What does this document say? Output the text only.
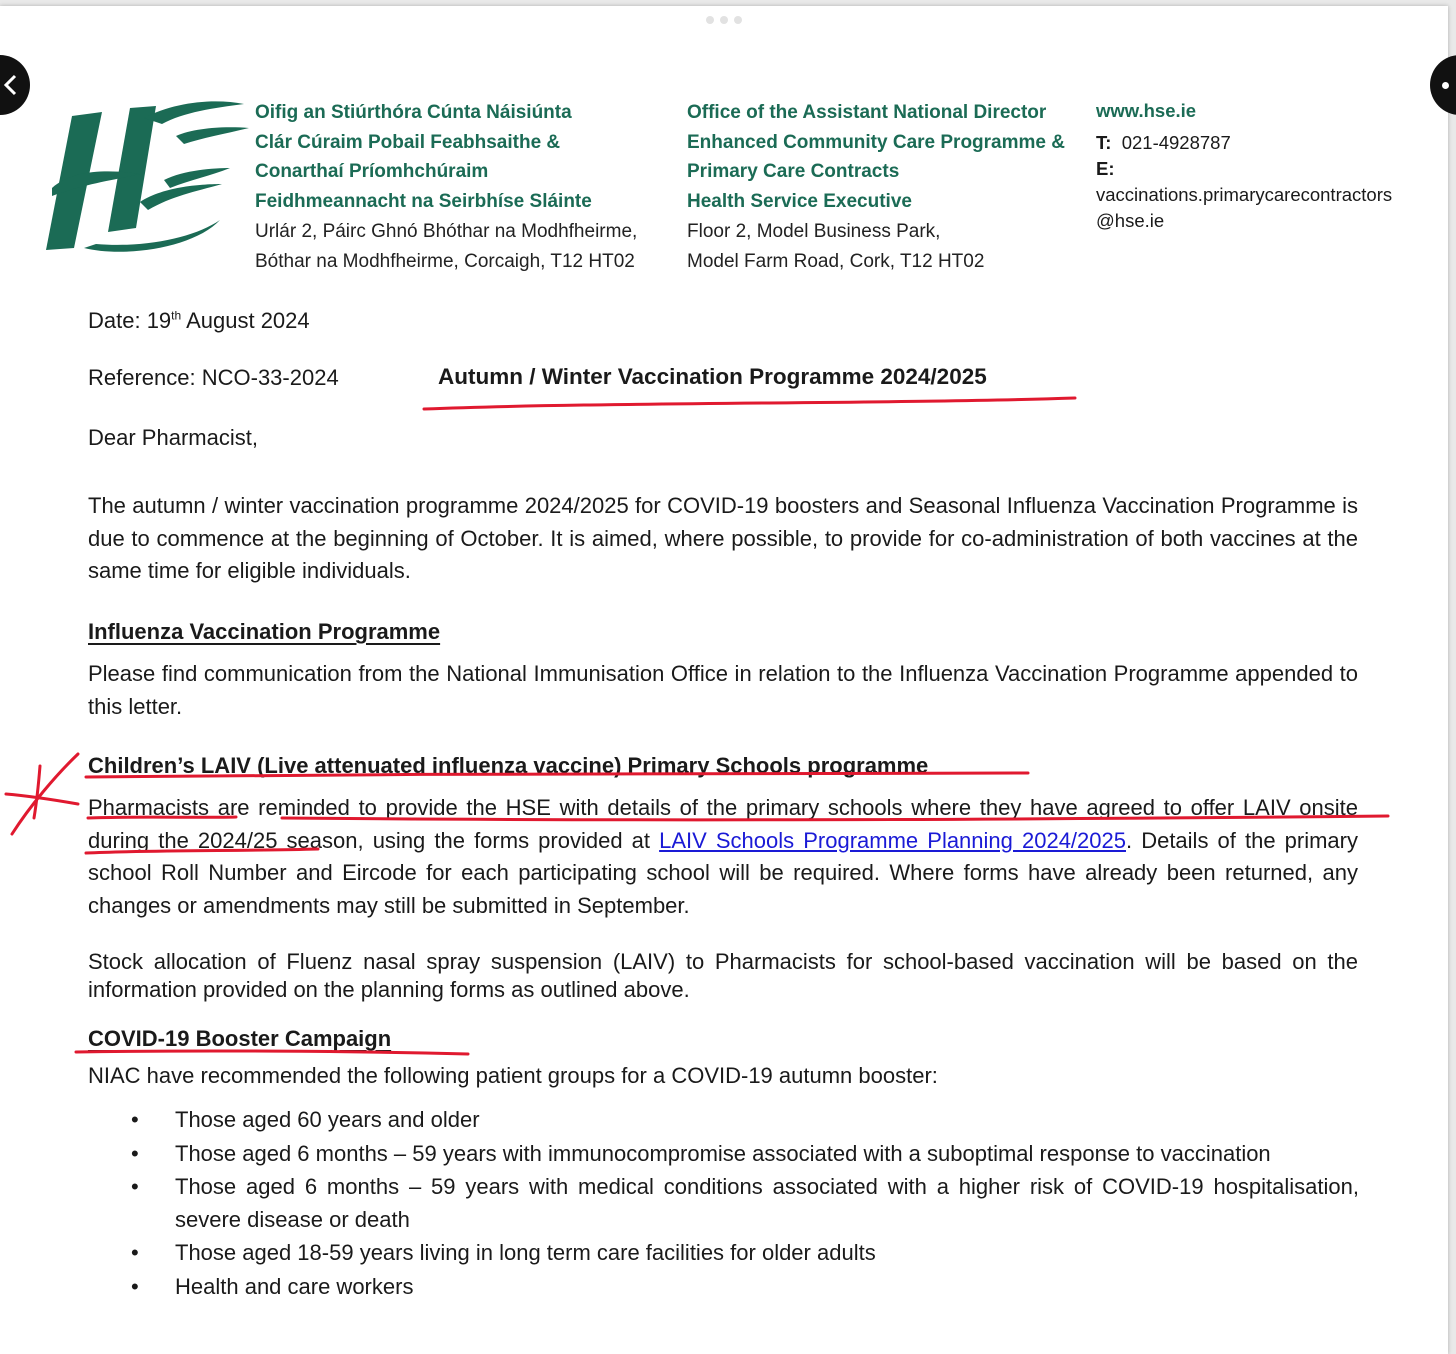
Oifig an Stiúrthóra Cúnta Náisiúnta
Clár Cúraim Pobail Feabhsaithe &
Conarthaí Príomhchúraim
Feidhmeannacht na Seirbhíse Sláinte
Urlár 2, Páirc Ghnó Bhóthar na Modhfheirme,
Bóthar na Modhfheirme, Corcaigh, T12 HT02
Office of the Assistant National Director
Enhanced Community Care Programme &
Primary Care Contracts
Health Service Executive
Floor 2, Model Business Park,
Model Farm Road, Cork, T12 HT02
www.hse.ie
T: 021-4928787
E:
vaccinations.primarycarecontractors
@hse.ie
Date: 19th August 2024
Reference: NCO-33-2024	Autumn / Winter Vaccination Programme 2024/2025
Dear Pharmacist,
The autumn / winter vaccination programme 2024/2025 for COVID-19 boosters and Seasonal Influenza Vaccination Programme is due to commence at the beginning of October. It is aimed, where possible, to provide for co-administration of both vaccines at the same time for eligible individuals.
Influenza Vaccination Programme
Please find communication from the National Immunisation Office in relation to the Influenza Vaccination Programme appended to this letter.
Children’s LAIV (Live attenuated influenza vaccine) Primary Schools programme
Pharmacists are reminded to provide the HSE with details of the primary schools where they have agreed to offer LAIV onsite during the 2024/25 season, using the forms provided at LAIV Schools Programme Planning 2024/2025. Details of the primary school Roll Number and Eircode for each participating school will be required. Where forms have already been returned, any changes or amendments may still be submitted in September.
Stock allocation of Fluenz nasal spray suspension (LAIV) to Pharmacists for school-based vaccination will be based on the information provided on the planning forms as outlined above.
COVID-19 Booster Campaign
NIAC have recommended the following patient groups for a COVID-19 autumn booster:
• Those aged 60 years and older
• Those aged 6 months – 59 years with immunocompromise associated with a suboptimal response to vaccination
• Those aged 6 months – 59 years with medical conditions associated with a higher risk of COVID-19 hospitalisation, severe disease or death
• Those aged 18-59 years living in long term care facilities for older adults
• Health and care workers
